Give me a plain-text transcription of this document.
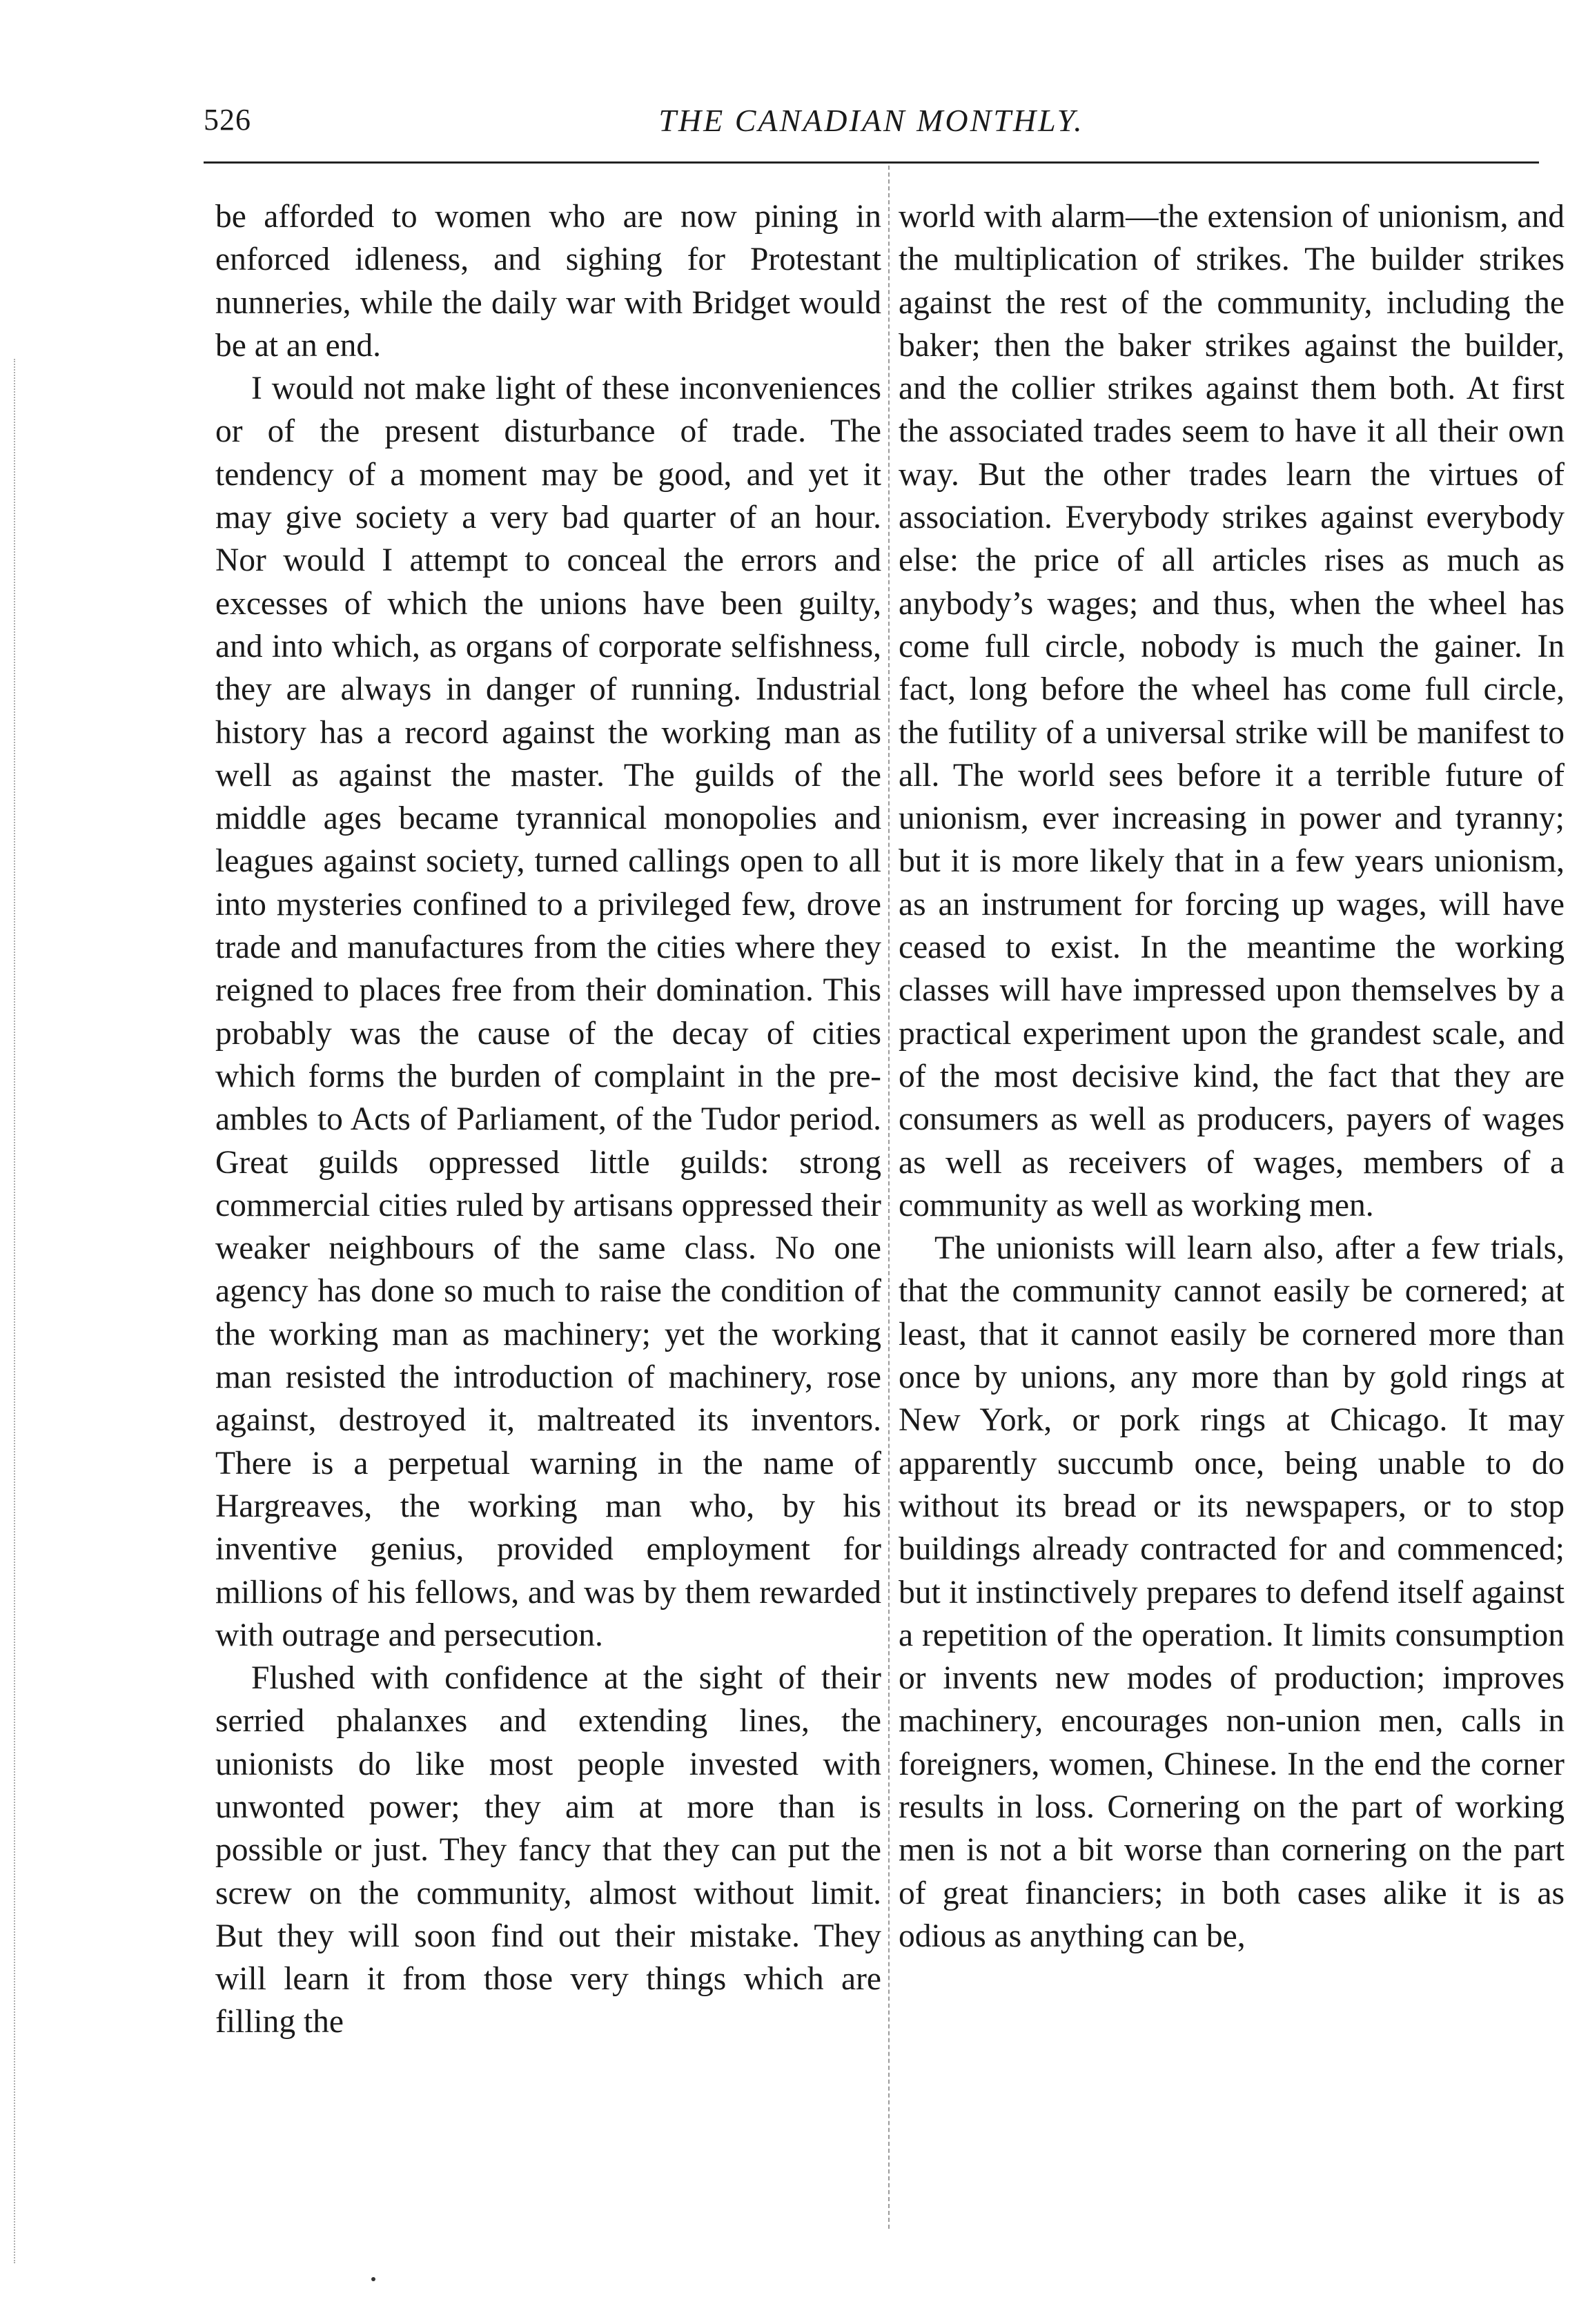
526	THE CANADIAN MONTHLY.

be afforded to women who are now pining in enforced idleness, and sighing for Protestant nunneries, while the daily war with Bridget would be at an end.

I would not make light of these inconveniences or of the present disturbance of trade. The tendency of a moment may be good, and yet it may give society a very bad quarter of an hour. Nor would I attempt to conceal the errors and excesses of which the unions have been guilty, and into which, as organs of corporate selfishness, they are always in danger of running. Industrial history has a record against the working man as well as against the master. The guilds of the middle ages became tyrannical monopolies and leagues against society, turned callings open to all into mysteries confined to a privileged few, drove trade and manufactures from the cities where they reigned to places free from their domination. This probably was the cause of the decay of cities which forms the burden of complaint in the preambles to Acts of Parliament, of the Tudor period. Great guilds oppressed little guilds: strong commercial cities ruled by artisans oppressed their weaker neighbours of the same class. No one agency has done so much to raise the condition of the working man as machinery; yet the working man resisted the introduction of machinery, rose against, destroyed it, maltreated its inventors. There is a perpetual warning in the name of Hargreaves, the working man who, by his inventive genius, provided employment for millions of his fellows, and was by them rewarded with outrage and persecution.

Flushed with confidence at the sight of their serried phalanxes and extending lines, the unionists do like most people invested with unwonted power; they aim at more than is possible or just. They fancy that they can put the screw on the community, almost without limit. But they will soon find out their mistake. They will learn it from those very things which are filling the

world with alarm—the extension of unionism, and the multiplication of strikes. The builder strikes against the rest of the community, including the baker; then the baker strikes against the builder, and the collier strikes against them both. At first the associated trades seem to have it all their own way. But the other trades learn the virtues of association. Everybody strikes against everybody else: the price of all articles rises as much as anybody’s wages; and thus, when the wheel has come full circle, nobody is much the gainer. In fact, long before the wheel has come full circle, the futility of a universal strike will be manifest to all. The world sees before it a terrible future of unionism, ever increasing in power and tyranny; but it is more likely that in a few years unionism, as an instrument for forcing up wages, will have ceased to exist. In the meantime the working classes will have impressed upon themselves by a practical experiment upon the grandest scale, and of the most decisive kind, the fact that they are consumers as well as producers, payers of wages as well as receivers of wages, members of a community as well as working men.

The unionists will learn also, after a few trials, that the community cannot easily be cornered; at least, that it cannot easily be cornered more than once by unions, any more than by gold rings at New York, or pork rings at Chicago. It may apparently succumb once, being unable to do without its bread or its newspapers, or to stop buildings already contracted for and commenced; but it instinctively prepares to defend itself against a repetition of the operation. It limits consumption or invents new modes of production; improves machinery, encourages non-union men, calls in foreigners, women, Chinese. In the end the corner results in loss. Cornering on the part of working men is not a bit worse than cornering on the part of great financiers; in both cases alike it is as odious as anything can be,
